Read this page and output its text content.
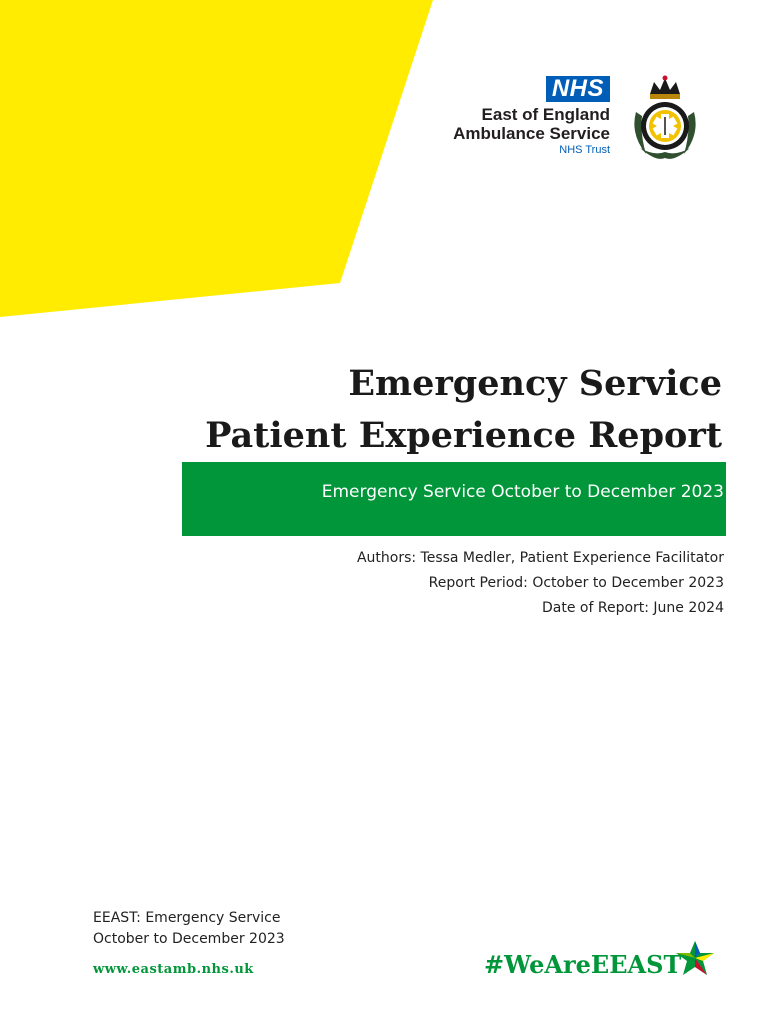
NHS
East of England
Ambulance Service
NHS Trust
Emergency Service
Patient Experience Report
Emergency Service October to December 2023
Authors: Tessa Medler, Patient Experience Facilitator
Report Period: October to December 2023
Date of Report: June 2024
EEAST: Emergency Service
October to December 2023
www.eastamb.nhs.uk	#WeAreEEAST
